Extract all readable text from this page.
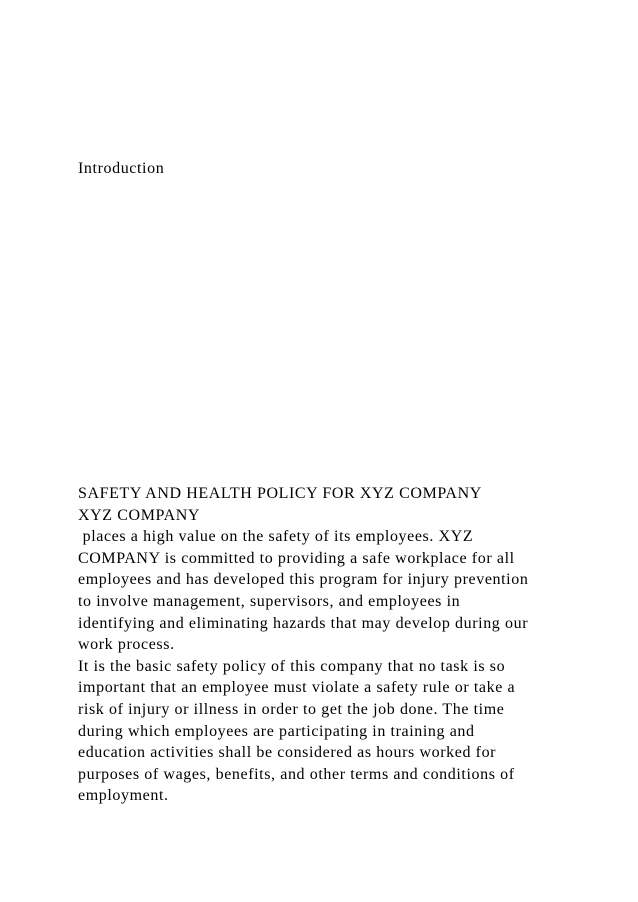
Introduction
SAFETY AND HEALTH POLICY FOR XYZ COMPANY
XYZ COMPANY
places a high value on the safety of its employees. XYZ
COMPANY is committed to providing a safe workplace for all
employees and has developed this program for injury prevention
to involve management, supervisors, and employees in
identifying and eliminating hazards that may develop during our
work process.
It is the basic safety policy of this company that no task is so
important that an employee must violate a safety rule or take a
risk of injury or illness in order to get the job done. The time
during which employees are participating in training and
education activities shall be considered as hours worked for
purposes of wages, benefits, and other terms and conditions of
employment.
